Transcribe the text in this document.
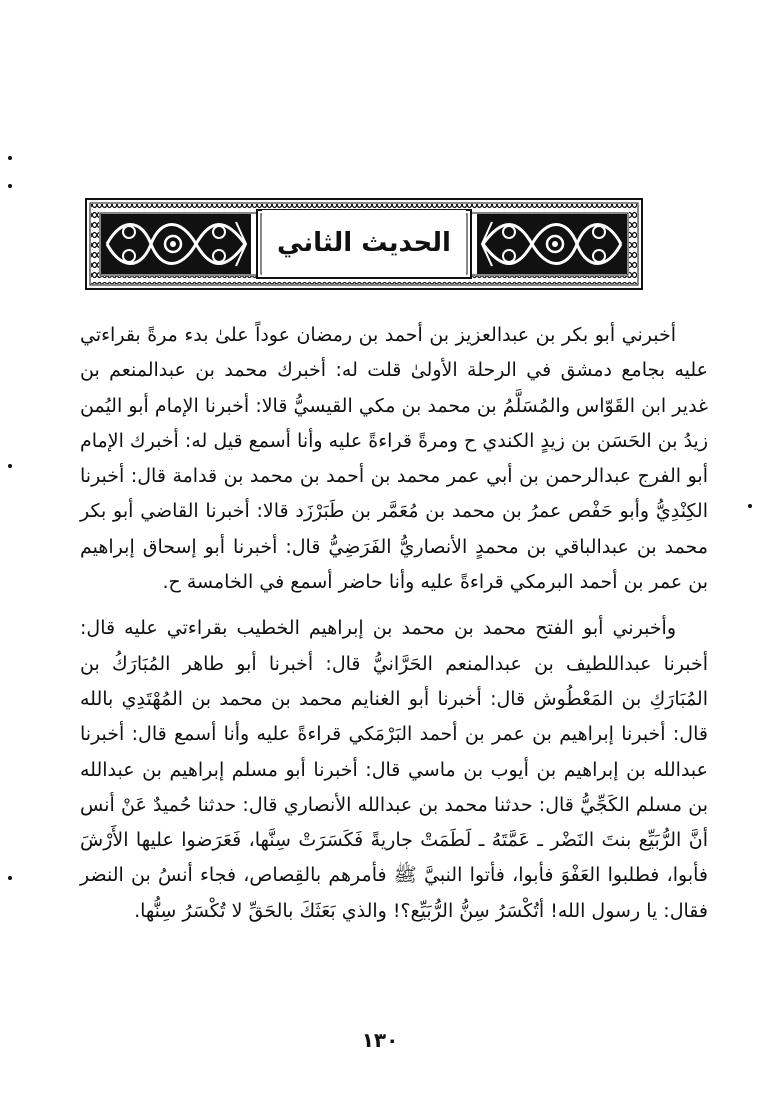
الحديث الثاني

أخبرني أبو بكر بن عبدالعزيز بن أحمد بن رمضان عوداً علىٰ بدء مرةً بقراءتي عليه بجامع دمشق في الرحلة الأولىٰ قلت له: أخبرك محمد بن عبدالمنعم بن غدير ابن القَوّاس والمُسَلَّمُ بن محمد بن مكي القيسيُّ قالا: أخبرنا الإمام أبو اليُمن زيدُ بن الحَسَن بن زيدٍ الكندي ح ومرةً قراءةً عليه وأنا أسمع قيل له: أخبرك الإمام أبو الفرج عبدالرحمن بن أبي عمر محمد بن أحمد بن محمد بن قدامة قال: أخبرنا الكِنْدِيُّ وأبو حَفْص عمرُ بن محمد بن مُعَمَّر بن طَبَرْزَد قالا: أخبرنا القاضي أبو بكر محمد بن عبدالباقي بن محمدٍ الأنصاريُّ الفَرَضِيُّ قال: أخبرنا أبو إسحاق إبراهيم بن عمر بن أحمد البرمكي قراءةً عليه وأنا حاضر أسمع في الخامسة ح.

وأخبرني أبو الفتح محمد بن محمد بن إبراهيم الخطيب بقراءتي عليه قال: أخبرنا عبداللطيف بن عبدالمنعم الحَرَّانيُّ قال: أخبرنا أبو طاهر المُبَارَكُ بن المُبَارَكِ بن المَعْطُوش قال: أخبرنا أبو الغنايم محمد بن محمد بن المُهْتَدِي بالله قال: أخبرنا إبراهيم بن عمر بن أحمد البَرْمَكي قراءةً عليه وأنا أسمع قال: أخبرنا عبدالله بن إبراهيم بن أيوب بن ماسي قال: أخبرنا أبو مسلم إبراهيم بن عبدالله بن مسلم الكَجِّيُّ قال: حدثنا محمد بن عبدالله الأنصاري قال: حدثنا حُميدٌ عَنْ أنس أنَّ الرُّبَيِّع بنتَ النَضْر ـ عَمَّتَهُ ـ لَطَمَتْ جاريةً فَكَسَرَتْ سِنَّها، فَعَرَضوا عليها الأَرْشَ فأبوا، فطلبوا العَفْوَ فأبوا، فأتوا النبيَّ ﷺ فأمرهم بالقِصاص، فجاء أنسُ بن النضر فقال: يا رسول الله! أتُكْسَرُ سِنُّ الرُّبَيِّع؟! والذي بَعَثَكَ بالحَقِّ لا تُكْسَرُ سِنُّها.

١٣٠
